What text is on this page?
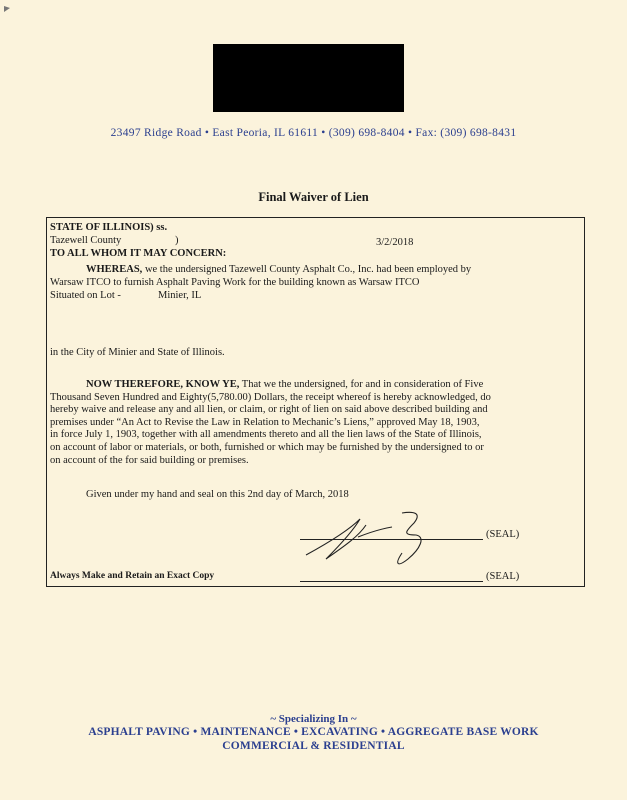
23497 Ridge Road • East Peoria, IL 61611 • (309) 698-8404 • Fax: (309) 698-8431
Final Waiver of Lien
STATE OF ILLINOIS) ss.
Tazewell County	)	3/2/2018
TO ALL WHOM IT MAY CONCERN:
WHEREAS, we the undersigned Tazewell County Asphalt Co., Inc. had been employed by
Warsaw ITCO to furnish Asphalt Paving Work for the building known as Warsaw ITCO
Situated on Lot -	Minier, IL
in the City of Minier and State of Illinois.
NOW THEREFORE, KNOW YE, That we the undersigned, for and in consideration of Five
Thousand Seven Hundred and Eighty(5,780.00) Dollars, the receipt whereof is hereby acknowledged, do
hereby waive and release any and all lien, or claim, or right of lien on said above described building and
premises under “An Act to Revise the Law in Relation to Mechanic’s Liens,” approved May 18, 1903,
in force July 1, 1903, together with all amendments thereto and all the lien laws of the State of Illinois,
on account of labor or materials, or both, furnished or which may be furnished by the undersigned to or
on account of the for said building or premises.
Given under my hand and seal on this 2nd day of March, 2018
(SEAL)
Always Make and Retain an Exact Copy	(SEAL)
~ Specializing In ~
ASPHALT PAVING • MAINTENANCE • EXCAVATING • AGGREGATE BASE WORK
COMMERCIAL & RESIDENTIAL
